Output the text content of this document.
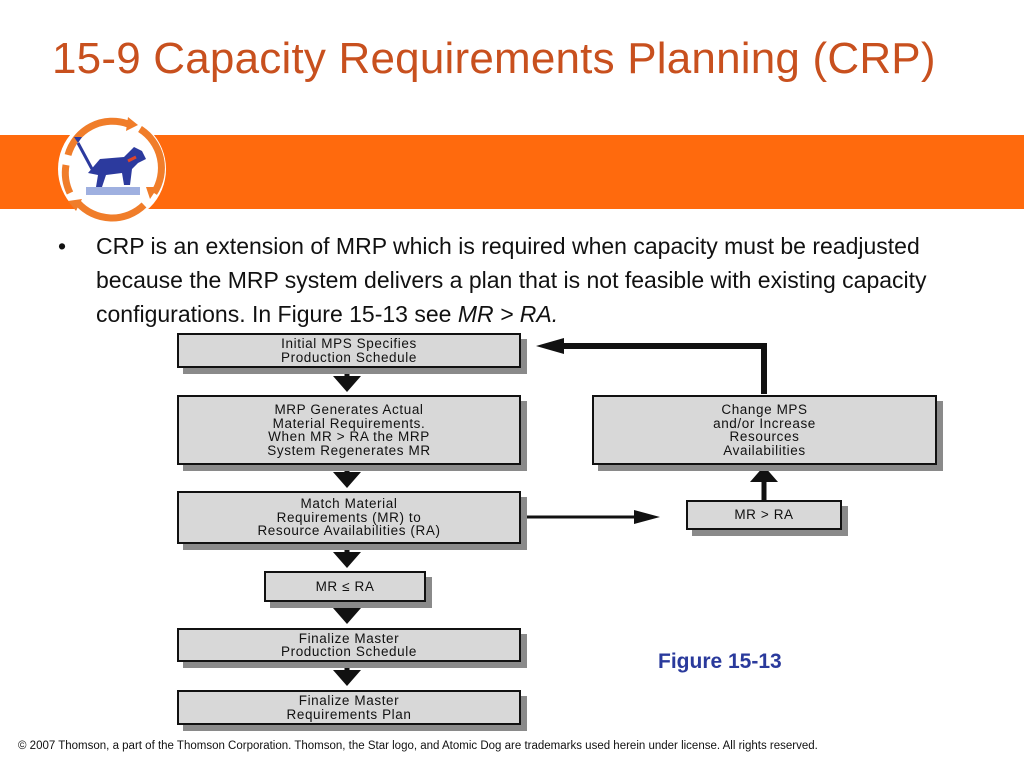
15-9 Capacity Requirements Planning (CRP)
• CRP is an extension of MRP which is required when capacity must be readjusted because the MRP system delivers a plan that is not feasible with existing capacity configurations. In Figure 15-13 see MR > RA.
Initial MPS Specifies
Production Schedule
MRP Generates Actual
Material Requirements.
When MR > RA the MRP
System Regenerates MR
Match Material
Requirements (MR) to
Resource Availabilities (RA)
MR ≤ RA
Finalize Master
Production Schedule
Finalize Master
Requirements Plan
Change MPS
and/or Increase
Resources
Availabilities
MR > RA
Figure 15-13
© 2007 Thomson, a part of the Thomson Corporation. Thomson, the Star logo, and Atomic Dog are trademarks used herein under license. All rights reserved.
